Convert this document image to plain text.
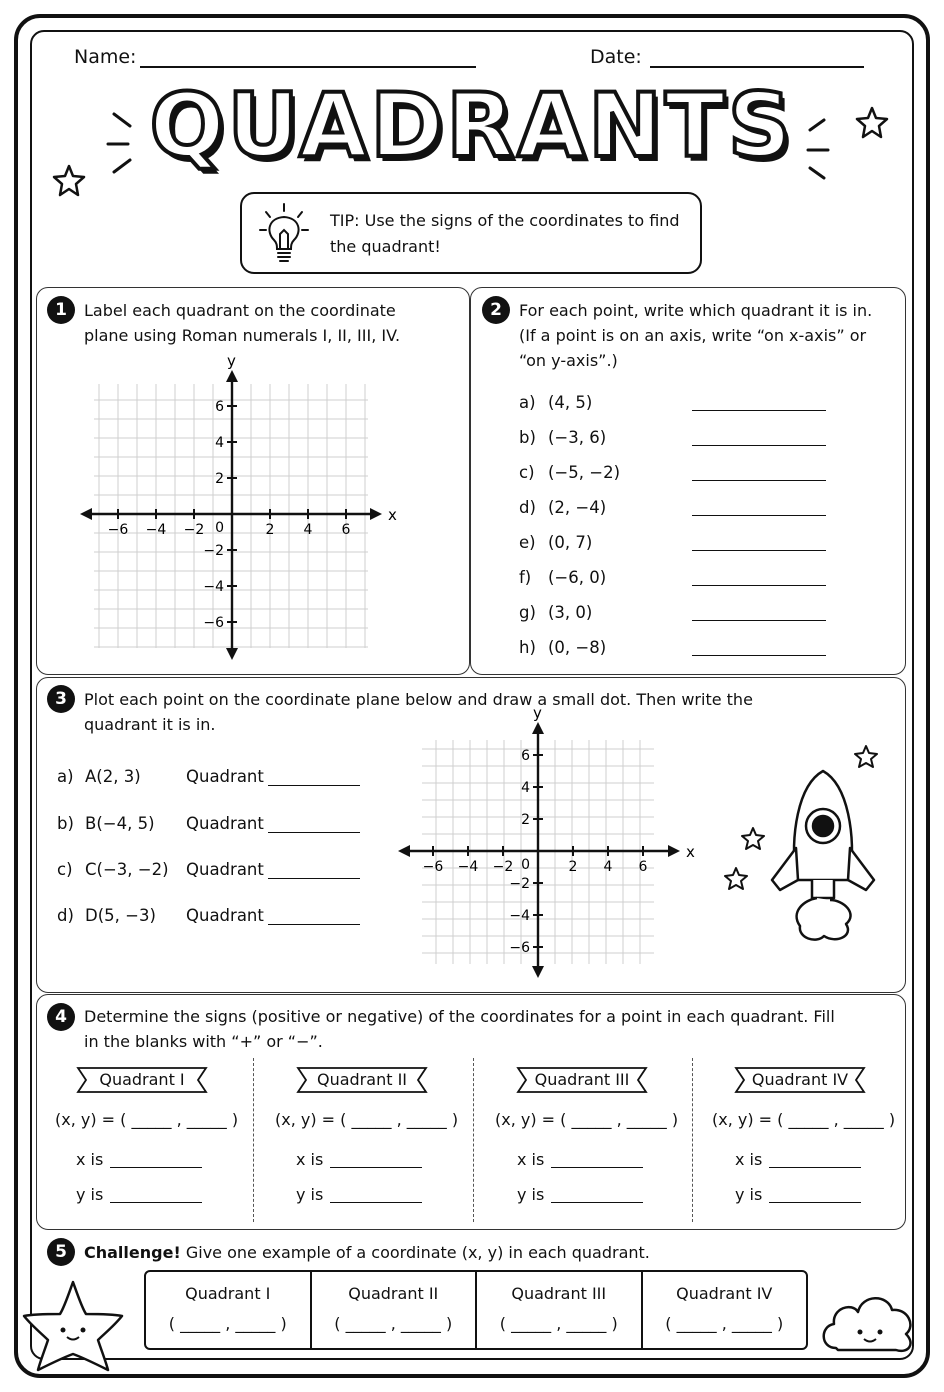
Name:	Date:
QUADRANTS
TIP: Use the signs of the coordinates to find the quadrant!
1	Label each quadrant on the coordinate plane using Roman numerals I, II, III, IV.
x
y
−6 −4 −2	2 4 6
6
4
2
−2
−4
−6
0
2	For each point, write which quadrant it is in. (If a point is on an axis, write “on x-axis” or “on y-axis”.)
a) (4, 5)
b) (−3, 6)
c) (−5, −2)
d) (2, −4)
e) (0, 7)
f) (−6, 0)
g) (3, 0)
h) (0, −8)
3	Plot each point on the coordinate plane below and draw a small dot. Then write the quadrant it is in.
a) A(2, 3)	Quadrant
b) B(−4, 5) Quadrant
c) C(−3, −2) Quadrant
d) D(5, −3) Quadrant
x
y
−6 −4 −2	2 4 6
6
4
2
−2
−4
−6
0
4	Determine the signs (positive or negative) of the coordinates for a point in each quadrant. Fill in the blanks with “+” or “−”.
Quadrant I
(x, y) = ( _____ , _____ )
x is
y is
Quadrant II
(x, y) = ( _____ , _____ )
x is
y is
Quadrant III
(x, y) = ( _____ , _____ )
x is
y is
Quadrant IV
(x, y) = ( _____ , _____ )
x is
y is
5	Challenge! Give one example of a coordinate (x, y) in each quadrant.
Quadrant I
( _____ , _____ )
Quadrant II
( _____ , _____ )
Quadrant III
( _____ , _____ )
Quadrant IV
( _____ , _____ )
